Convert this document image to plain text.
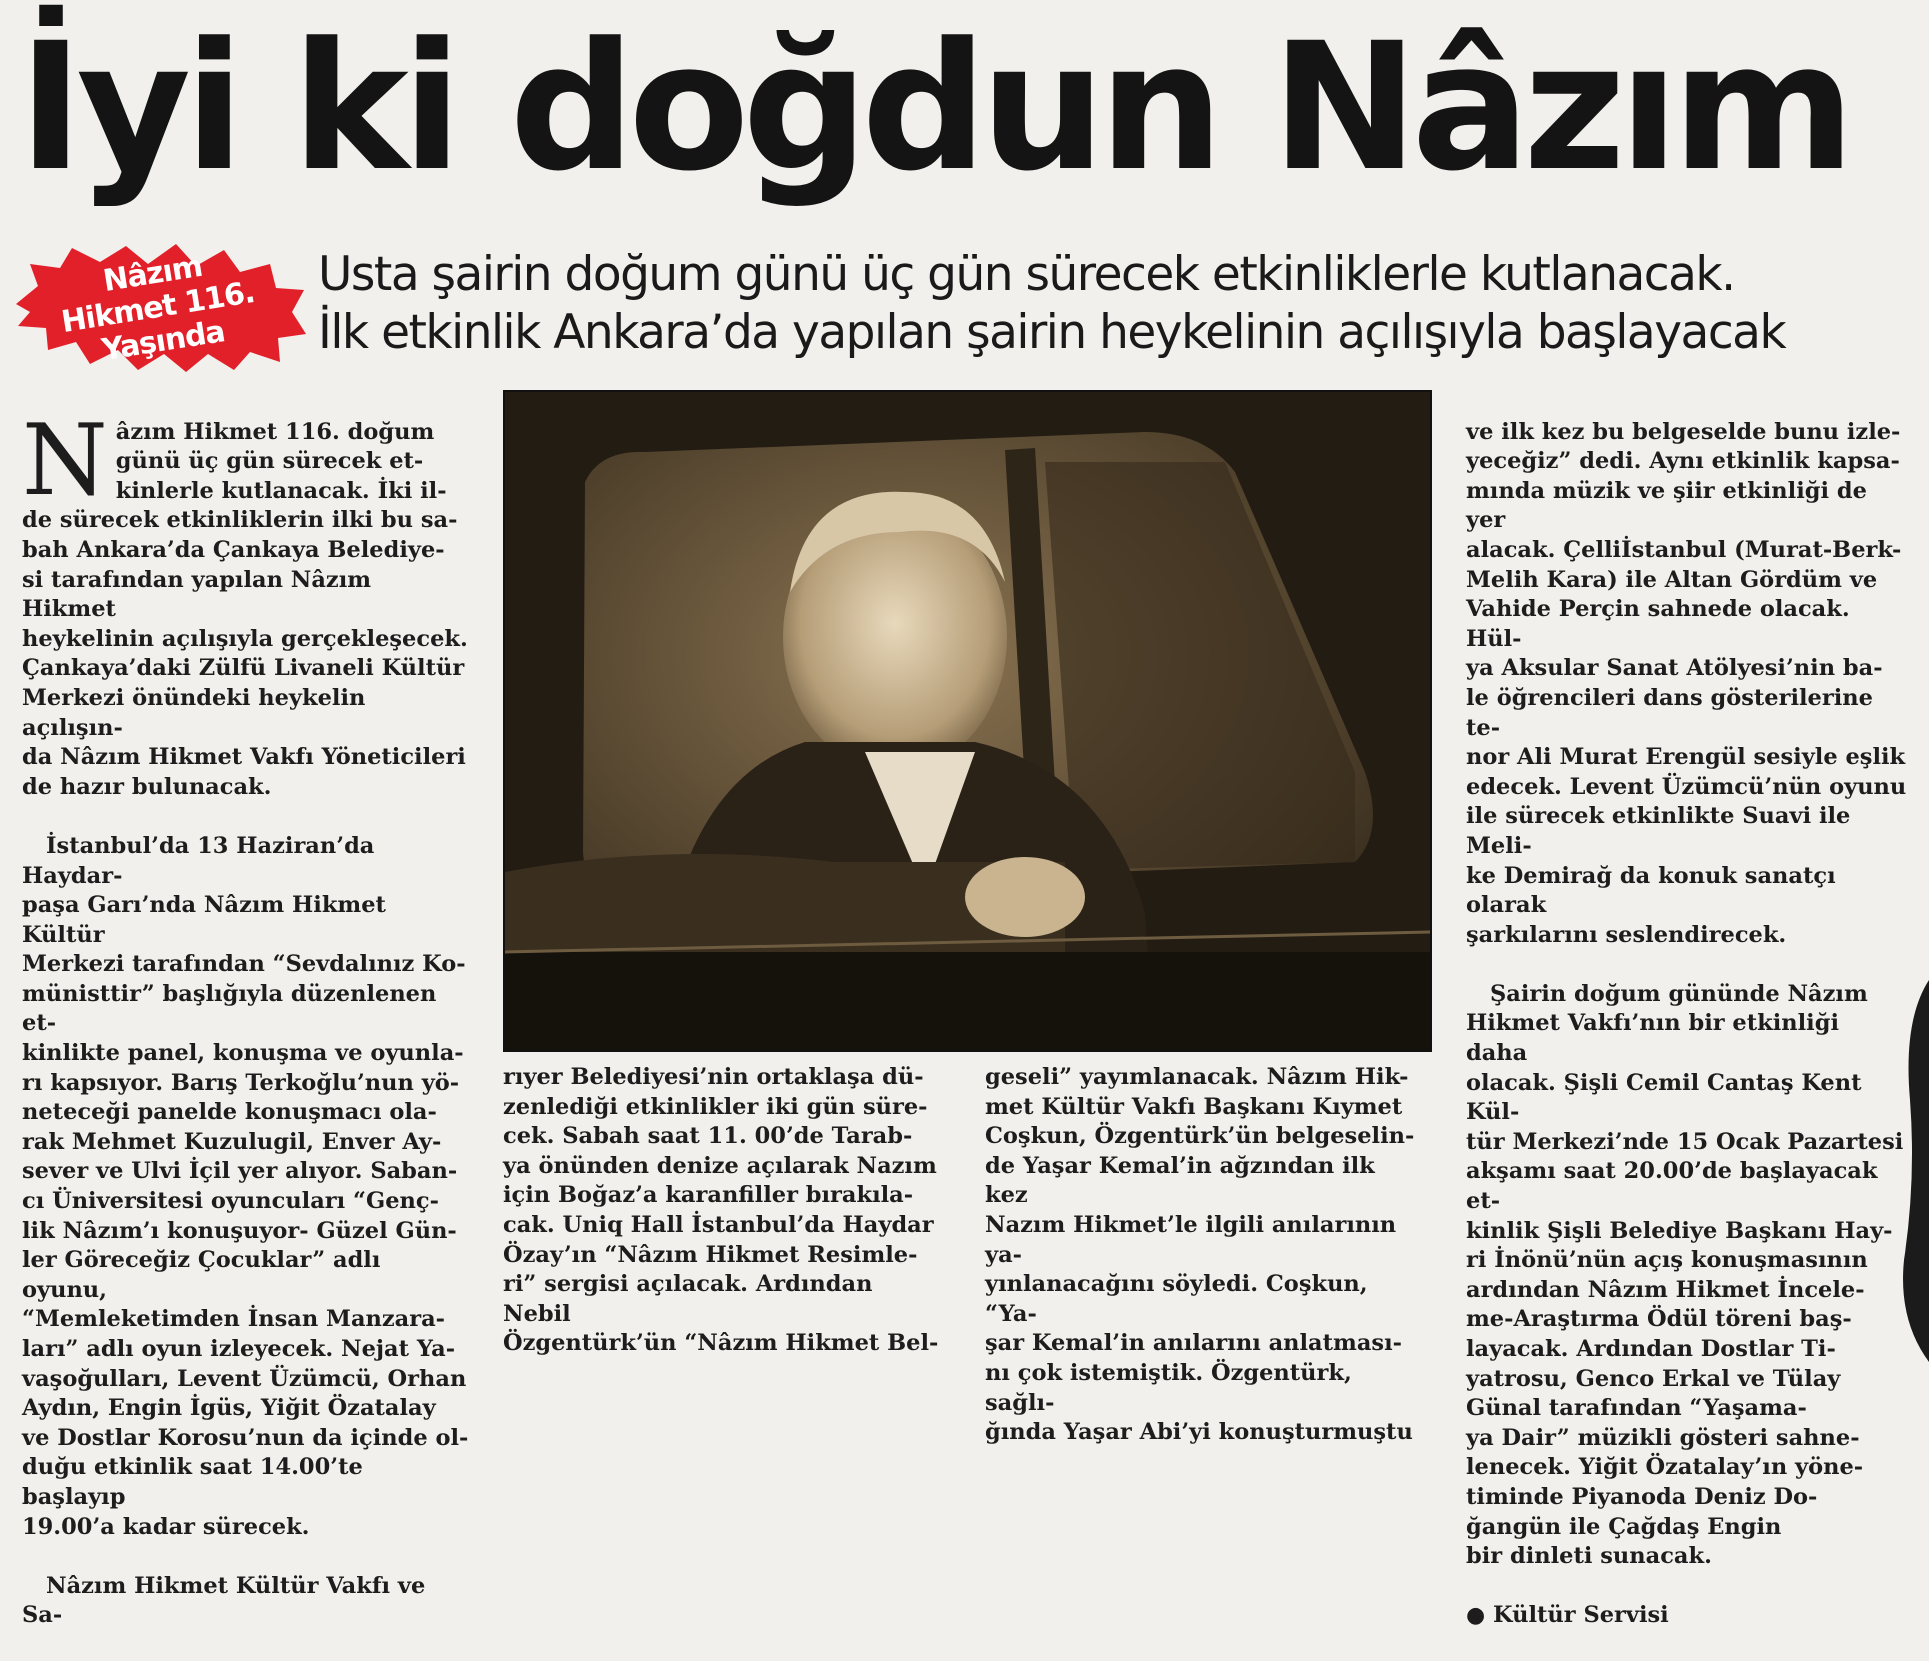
İyi ki doğdun Nâzım
Nâzım Hikmet 116. Yaşında
Usta şairin doğum günü üç gün sürecek etkinliklerle kutlanacak.
İlk etkinlik Ankara’da yapılan şairin heykelinin açılışıyla başlayacak

Nâzım Hikmet 116. doğum
günü üç gün sürecek et-
kinlerle kutlanacak. İki il-
de sürecek etkinliklerin ilki bu sa-
bah Ankara’da Çankaya Belediye-
si tarafından yapılan Nâzım Hikmet
heykelinin açılışıyla gerçekleşecek.
Çankaya’daki Zülfü Livaneli Kültür
Merkezi önündeki heykelin açılışın-
da Nâzım Hikmet Vakfı Yöneticileri
de hazır bulunacak.

İstanbul’da 13 Haziran’da Haydar-
paşa Garı’nda Nâzım Hikmet Kültür
Merkezi tarafından “Sevdalınız Ko-
münisttir” başlığıyla düzenlenen et-
kinlikte panel, konuşma ve oyunla-
rı kapsıyor. Barış Terkoğlu’nun yö-
neteceği panelde konuşmacı ola-
rak Mehmet Kuzulugil, Enver Ay-
sever ve Ulvi İçil yer alıyor. Saban-
cı Üniversitesi oyuncuları “Genç-
lik Nâzım’ı konuşuyor- Güzel Gün-
ler Göreceğiz Çocuklar” adlı oyunu,
“Memleketimden İnsan Manzara-
ları” adlı oyun izleyecek. Nejat Ya-
vaşoğulları, Levent Üzümcü, Orhan
Aydın, Engin İgüs, Yiğit Özatalay
ve Dostlar Korosu’nun da içinde ol-
duğu etkinlik saat 14.00’te başlayıp
19.00’a kadar sürecek.

Nâzım Hikmet Kültür Vakfı ve Sa-

rıyer Belediyesi’nin ortaklaşa dü-
zenlediği etkinlikler iki gün süre-
cek. Sabah saat 11. 00’de Tarab-
ya önünden denize açılarak Nazım
için Boğaz’a karanfiller bırakıla-
cak. Uniq Hall İstanbul’da Haydar
Özay’ın “Nâzım Hikmet Resimle-
ri” sergisi açılacak. Ardından Nebil
Özgentürk’ün “Nâzım Hikmet Bel-
geseli” yayımlanacak. Nâzım Hik-
met Kültür Vakfı Başkanı Kıymet
Coşkun, Özgentürk’ün belgeselin-
de Yaşar Kemal’in ağzından ilk kez
Nazım Hikmet’le ilgili anılarının ya-
yınlanacağını söyledi. Coşkun, “Ya-
şar Kemal’in anılarını anlatması-
nı çok istemiştik. Özgentürk, sağlı-
ğında Yaşar Abi’yi konuşturmuştu

ve ilk kez bu belgeselde bunu izle-
yeceğiz” dedi. Aynı etkinlik kapsa-
mında müzik ve şiir etkinliği de yer
alacak. Çelliİstanbul (Murat-Berk-
Melih Kara) ile Altan Gördüm ve
Vahide Perçin sahnede olacak. Hül-
ya Aksular Sanat Atölyesi’nin ba-
le öğrencileri dans gösterilerine te-
nor Ali Murat Erengül sesiyle eşlik
edecek. Levent Üzümcü’nün oyunu
ile sürecek etkinlikte Suavi ile Meli-
ke Demirağ da konuk sanatçı olarak
şarkılarını seslendirecek.

Şairin doğum gününde Nâzım
Hikmet Vakfı’nın bir etkinliği daha
olacak. Şişli Cemil Cantaş Kent Kül-
tür Merkezi’nde 15 Ocak Pazartesi
akşamı saat 20.00’de başlayacak et-
kinlik Şişli Belediye Başkanı Hay-
ri İnönü’nün açış konuşmasının
ardından Nâzım Hikmet İncele-
me-Araştırma Ödül töreni baş-
layacak. Ardından Dostlar Ti-
yatrosu, Genco Erkal ve Tülay
Günal tarafından “Yaşama-
ya Dair” müzikli gösteri sahne-
lenecek. Yiğit Özatalay’ın yöne-
timinde Piyanoda Deniz Do-
ğangün ile Çağdaş Engin
bir dinleti sunacak.

● Kültür Servisi
